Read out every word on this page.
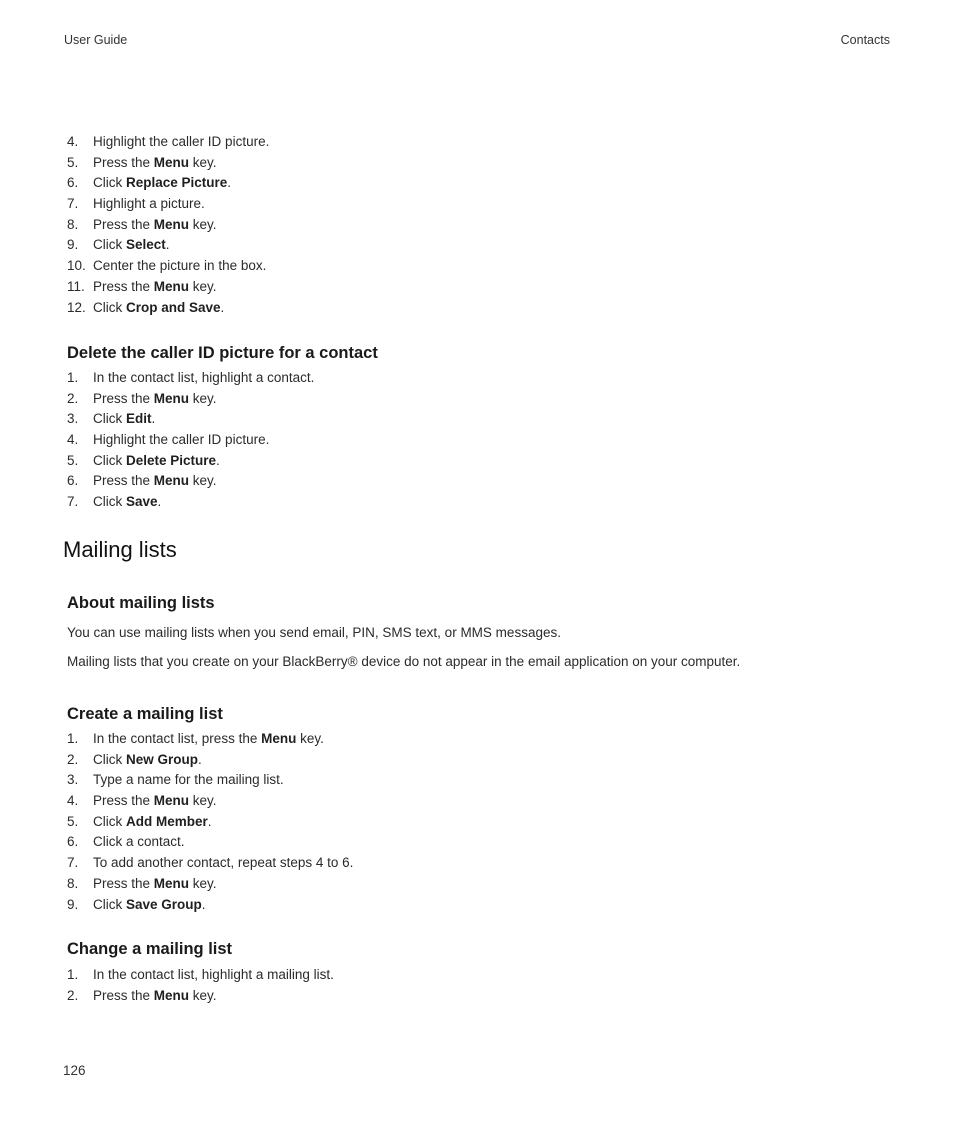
User Guide	Contacts
4. Highlight the caller ID picture.
5. Press the Menu key.
6. Click Replace Picture.
7. Highlight a picture.
8. Press the Menu key.
9. Click Select.
10. Center the picture in the box.
11. Press the Menu key.
12. Click Crop and Save.
Delete the caller ID picture for a contact
1. In the contact list, highlight a contact.
2. Press the Menu key.
3. Click Edit.
4. Highlight the caller ID picture.
5. Click Delete Picture.
6. Press the Menu key.
7. Click Save.
Mailing lists
About mailing lists

You can use mailing lists when you send email, PIN, SMS text, or MMS messages.

Mailing lists that you create on your BlackBerry® device do not appear in the email application on your computer.

Create a mailing list
1. In the contact list, press the Menu key.
2. Click New Group.
3. Type a name for the mailing list.
4. Press the Menu key.
5. Click Add Member.
6. Click a contact.
7. To add another contact, repeat steps 4 to 6.
8. Press the Menu key.
9. Click Save Group.
Change a mailing list
1. In the contact list, highlight a mailing list.
2. Press the Menu key.
126
